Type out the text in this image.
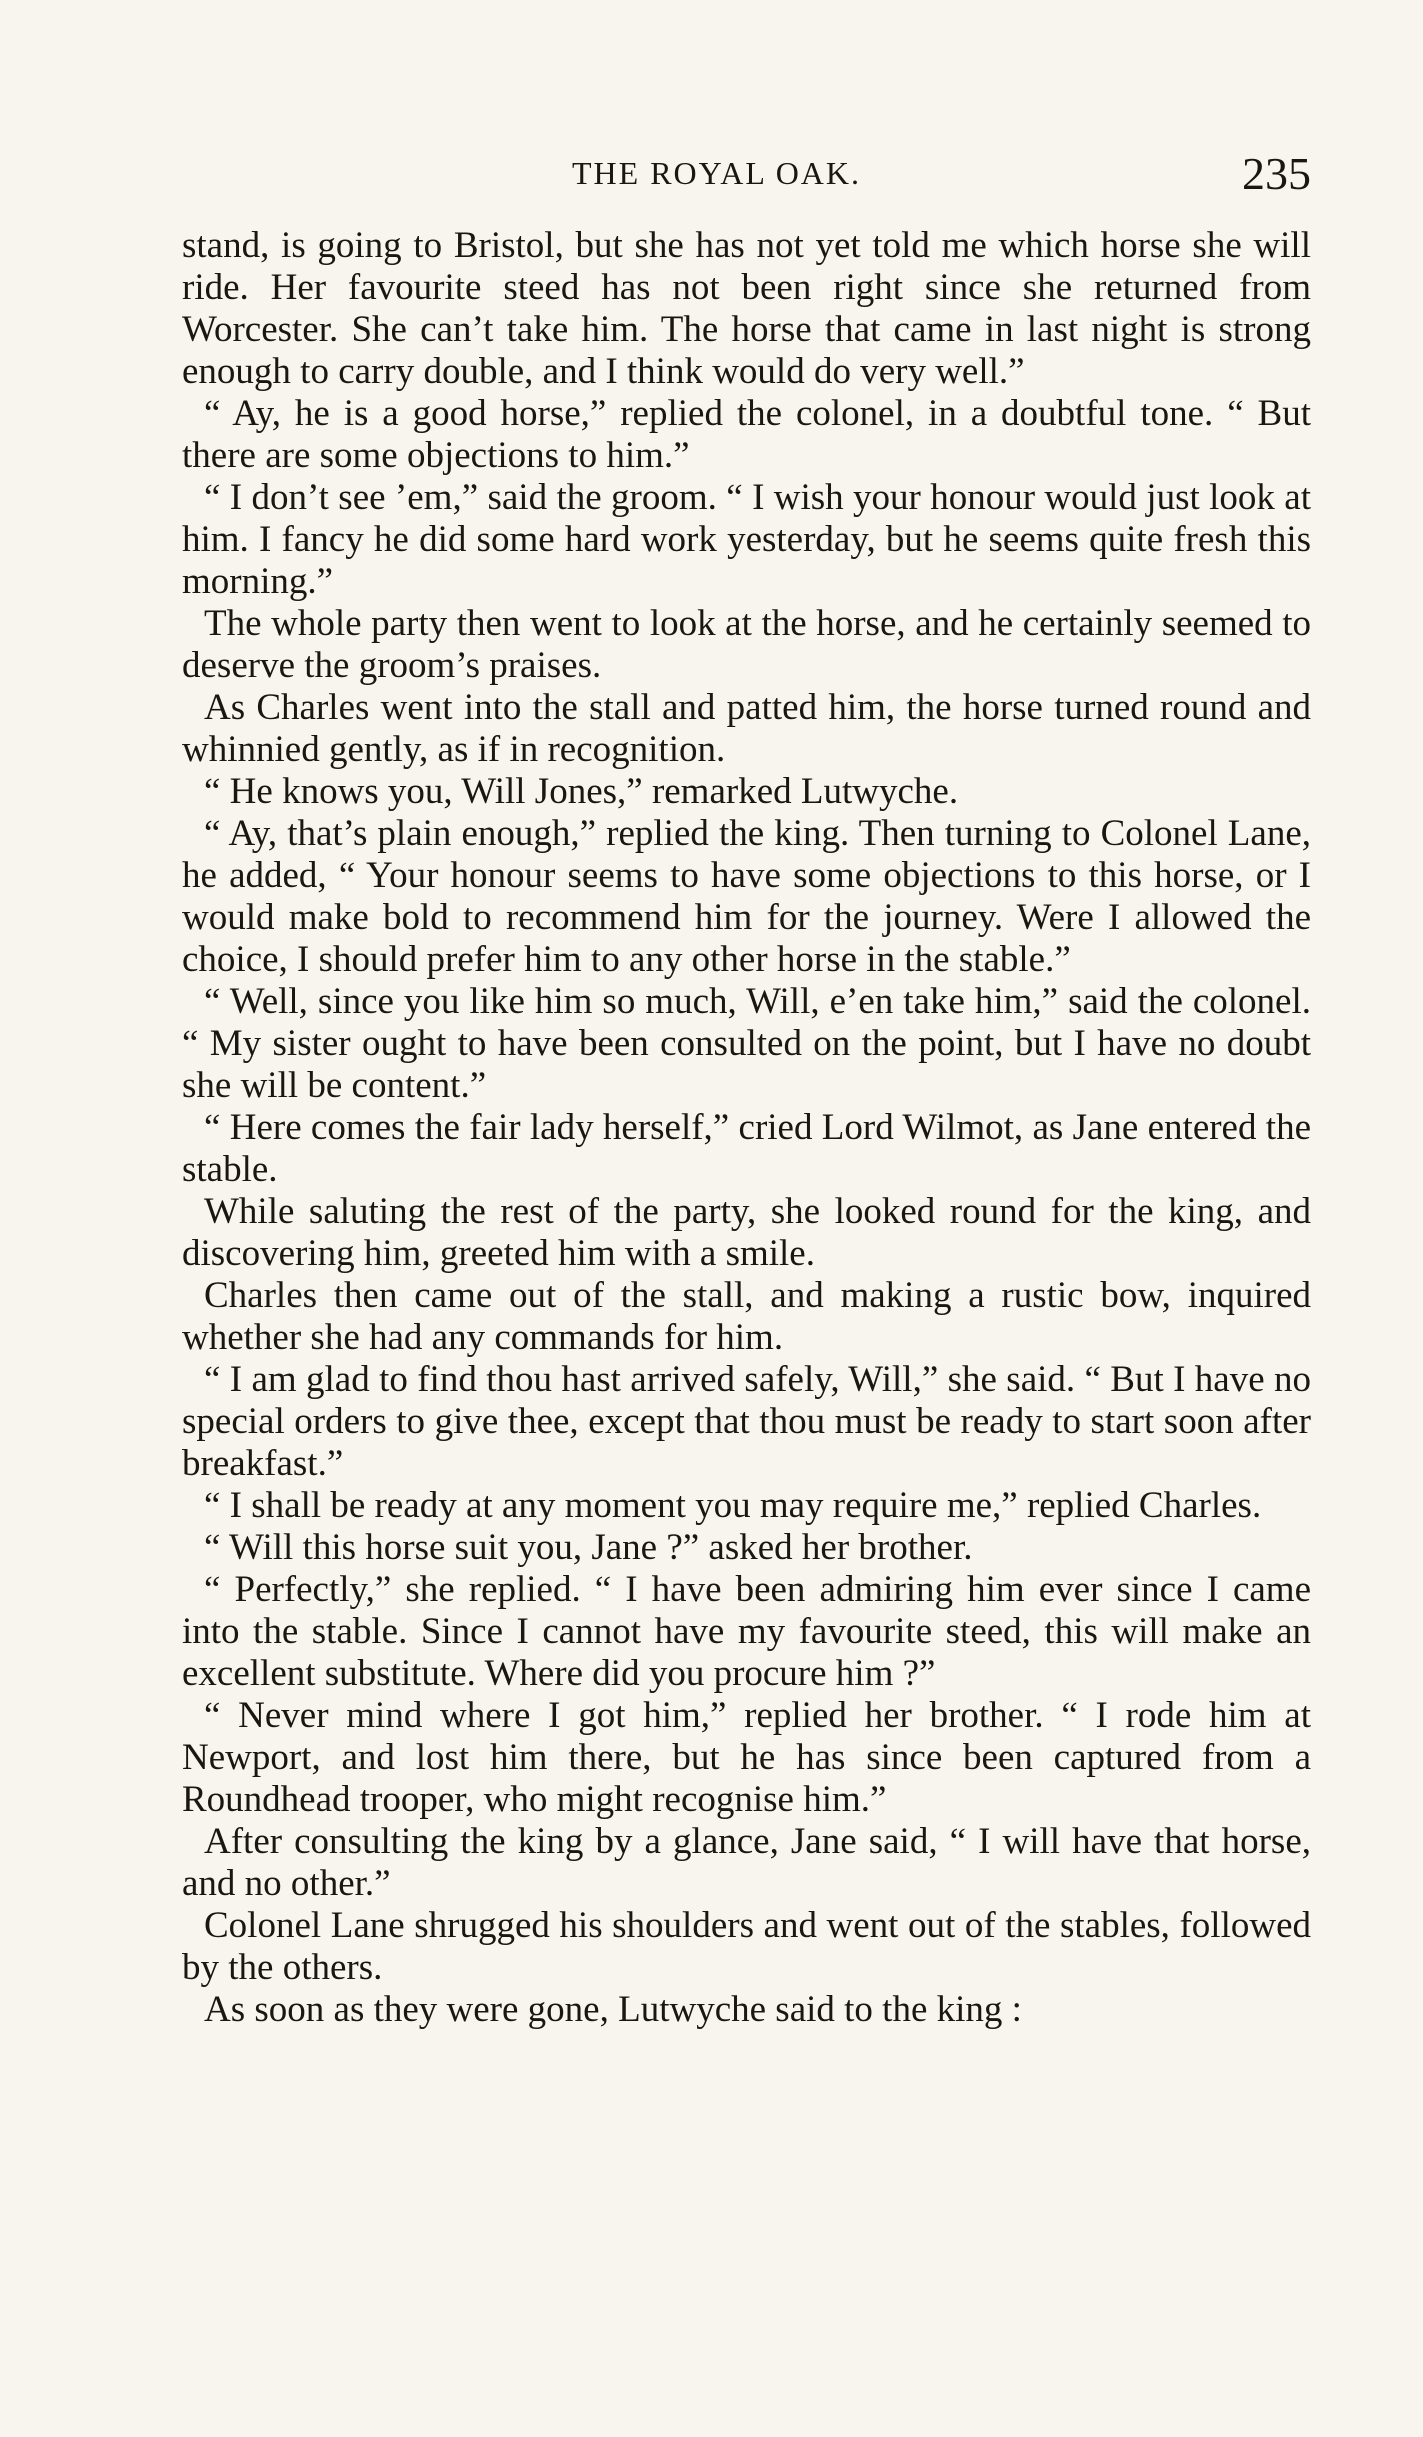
THE ROYAL OAK.	235

stand, is going to Bristol, but she has not yet told me which horse she will ride. Her favourite steed has not been right since she returned from Worcester. She can’t take him. The horse that came in last night is strong enough to carry double, and I think would do very well.”

“ Ay, he is a good horse,” replied the colonel, in a doubtful tone. “ But there are some objections to him.”

“ I don’t see ’em,” said the groom. “ I wish your honour would just look at him. I fancy he did some hard work yesterday, but he seems quite fresh this morning.”

The whole party then went to look at the horse, and he certainly seemed to deserve the groom’s praises.

As Charles went into the stall and patted him, the horse turned round and whinnied gently, as if in recognition.

“ He knows you, Will Jones,” remarked Lutwyche.

“ Ay, that’s plain enough,” replied the king. Then turning to Colonel Lane, he added, “ Your honour seems to have some objections to this horse, or I would make bold to recommend him for the journey. Were I allowed the choice, I should prefer him to any other horse in the stable.”

“ Well, since you like him so much, Will, e’en take him,” said the colonel. “ My sister ought to have been consulted on the point, but I have no doubt she will be content.”

“ Here comes the fair lady herself,” cried Lord Wilmot, as Jane entered the stable.

While saluting the rest of the party, she looked round for the king, and discovering him, greeted him with a smile.

Charles then came out of the stall, and making a rustic bow, inquired whether she had any commands for him.

“ I am glad to find thou hast arrived safely, Will,” she said. “ But I have no special orders to give thee, except that thou must be ready to start soon after breakfast.”

“ I shall be ready at any moment you may require me,” replied Charles.

“ Will this horse suit you, Jane ?” asked her brother.

“ Perfectly,” she replied. “ I have been admiring him ever since I came into the stable. Since I cannot have my favourite steed, this will make an excellent substitute. Where did you procure him ?”

“ Never mind where I got him,” replied her brother. “ I rode him at Newport, and lost him there, but he has since been captured from a Roundhead trooper, who might recognise him.”

After consulting the king by a glance, Jane said, “ I will have that horse, and no other.”

Colonel Lane shrugged his shoulders and went out of the stables, followed by the others.

As soon as they were gone, Lutwyche said to the king :
